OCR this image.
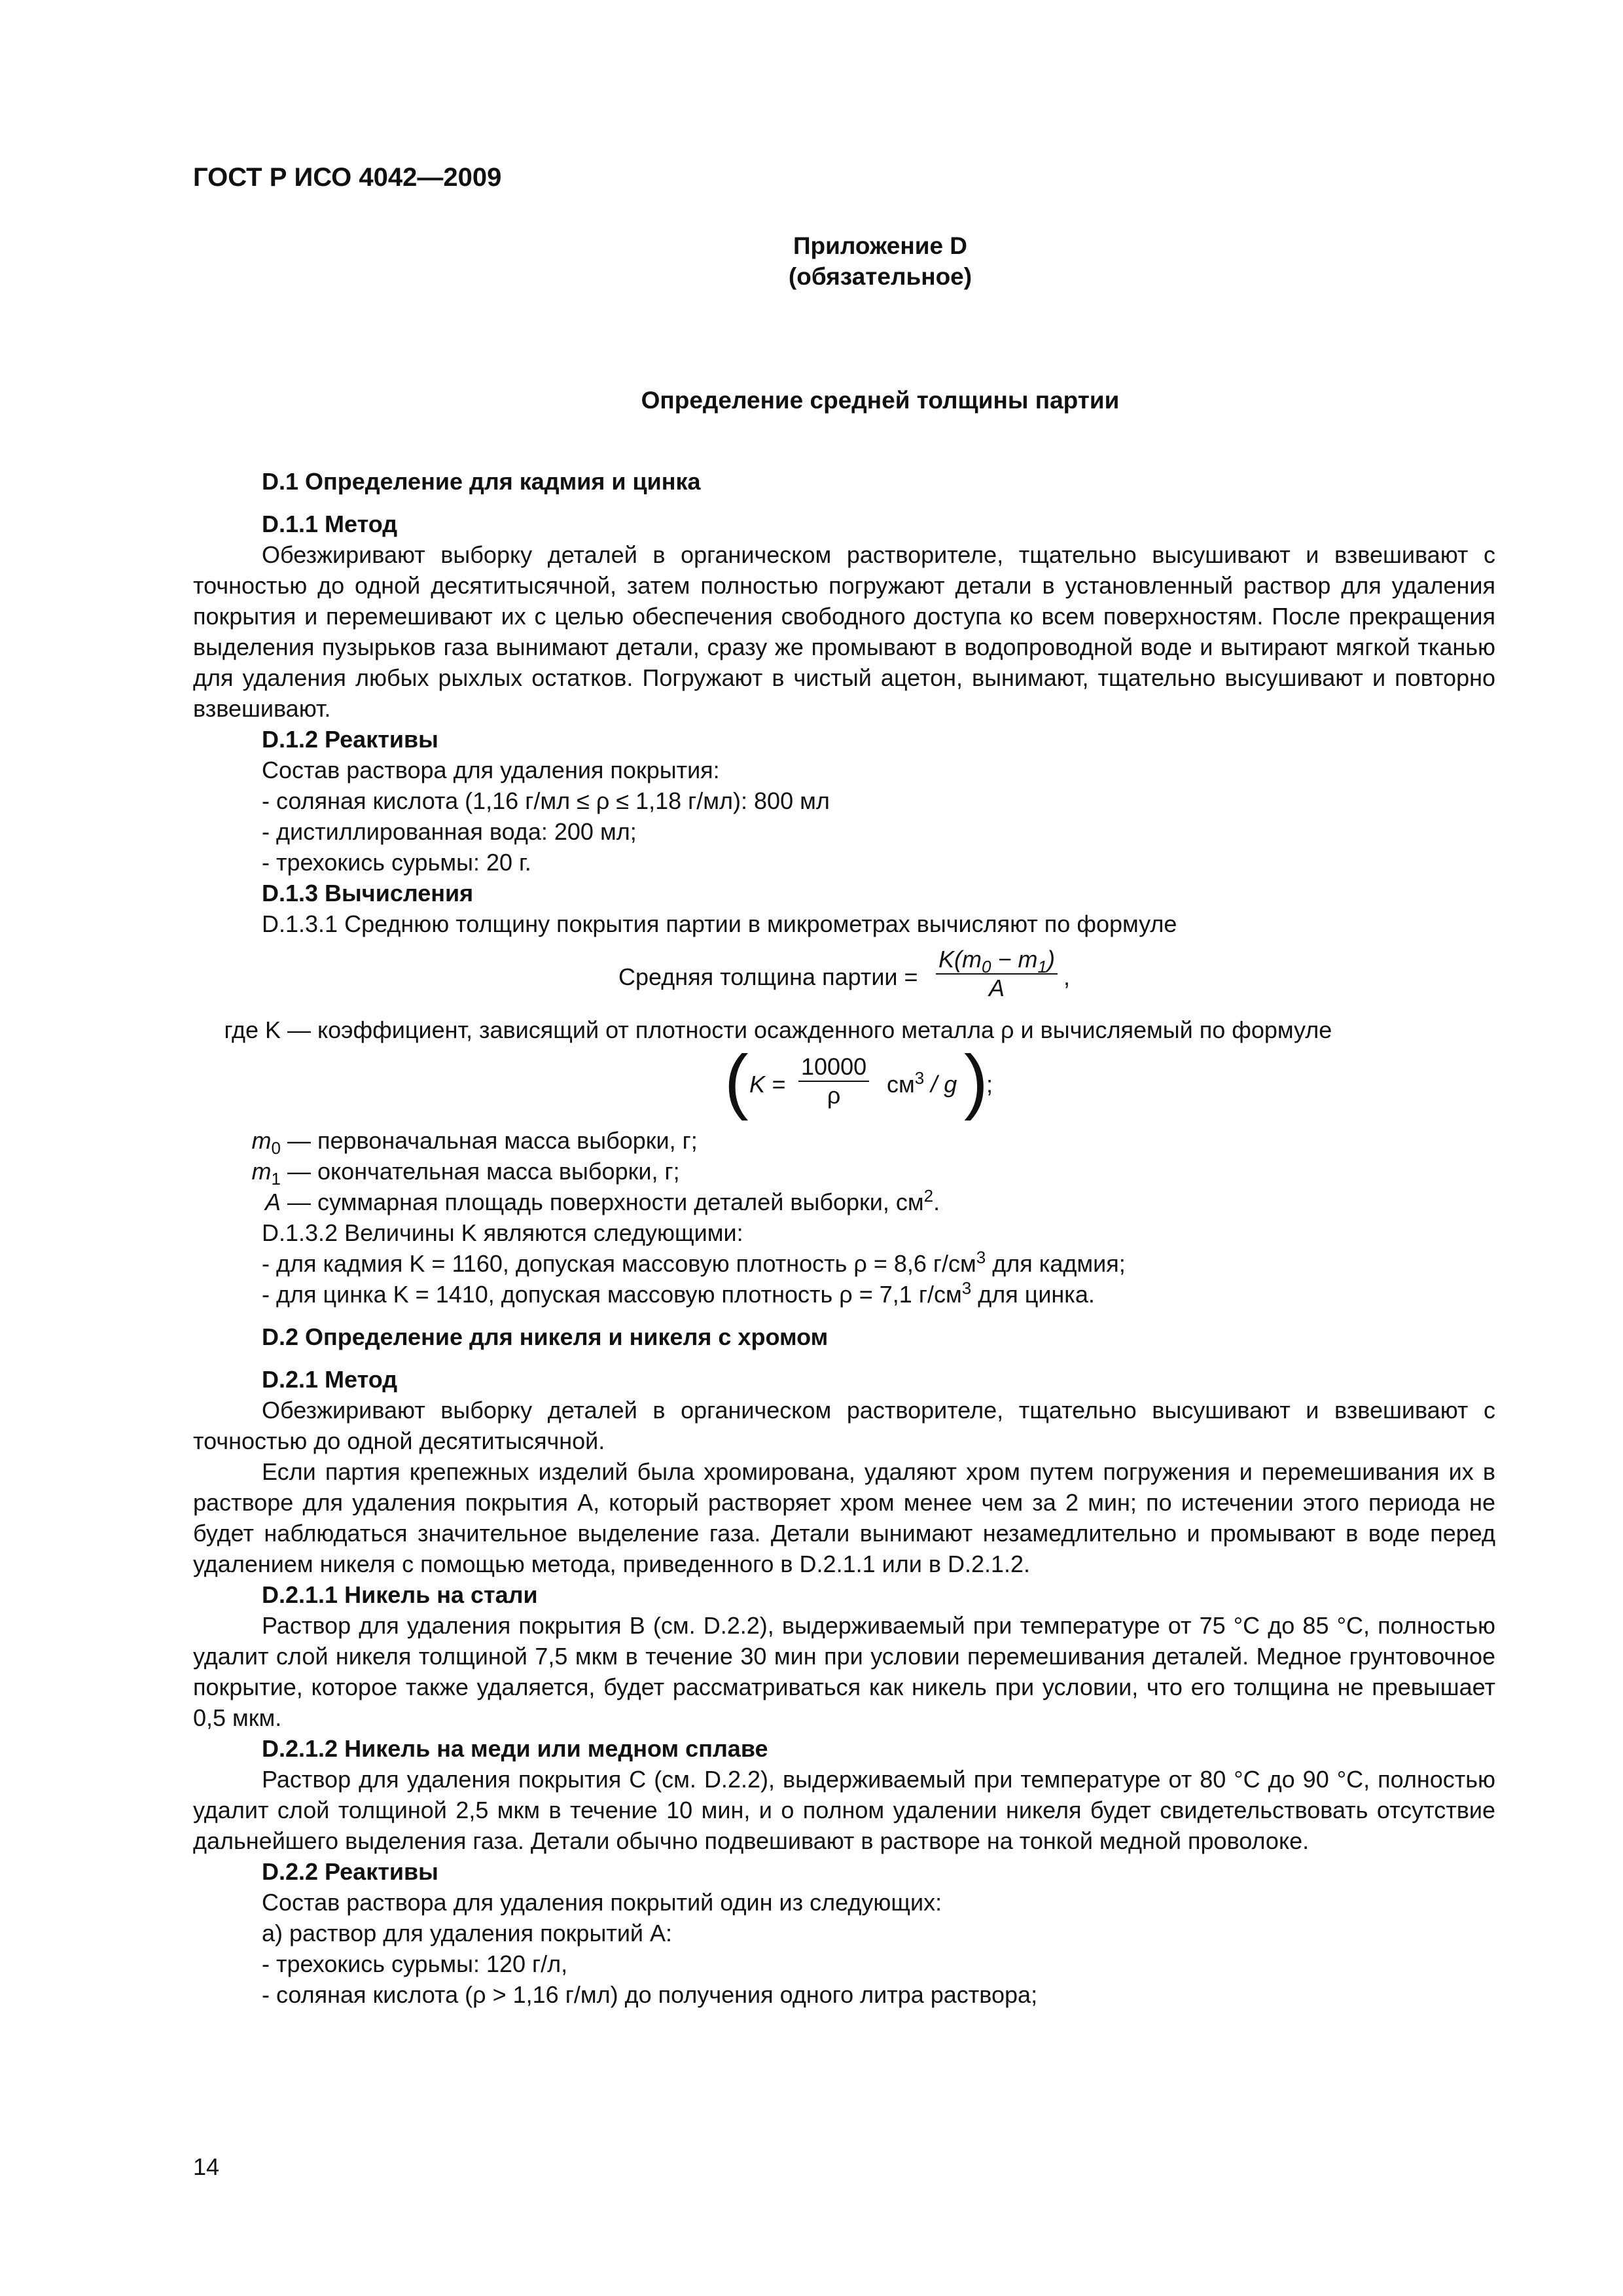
ГОСТ Р ИСО 4042—2009
Приложение D
(обязательное)
Определение средней толщины партии

D.1 Определение для кадмия и цинка

D.1.1 Метод

Обезжиривают выборку деталей в органическом растворителе, тщательно высушивают и взвешивают с точностью до одной десятитысячной, затем полностью погружают детали в установленный раствор для удаления покрытия и перемешивают их с целью обеспечения свободного доступа ко всем поверхностям. После прекращения выделения пузырьков газа вынимают детали, сразу же промывают в водопроводной воде и вытирают мягкой тканью для удаления любых рыхлых остатков. Погружают в чистый ацетон, вынимают, тщательно высушивают и повторно взвешивают.

D.1.2 Реактивы

Состав раствора для удаления покрытия:

- соляная кислота (1,16 г/мл ≤ ρ ≤ 1,18 г/мл): 800 мл

- дистиллированная вода: 200 мл;

- трехокись сурьмы: 20 г.

D.1.3 Вычисления

D.1.3.1 Среднюю толщину покрытия партии в микрометрах вычисляют по формуле

Средняя толщина партии = $\frac{K(m_0 - m_1)}{A}$ ,
где K — коэффициент, зависящий от плотности осажденного металла ρ и вычисляемый по формуле
( $K = \frac{10000}{\rho} см^3 / g$ )
;
$m_0$ — первоначальная масса выборки, г;
$m_1$ — окончательная масса выборки, г;
A — суммарная площадь поверхности деталей выборки, $см^2$.

D.1.3.2 Величины K являются следующими:

- для кадмия K = 1160, допуская массовую плотность ρ = 8,6 $г/см^3$ для кадмия;

- для цинка K = 1410, допуская массовую плотность ρ = 7,1 $г/см^3$ для цинка.

D.2 Определение для никеля и никеля с хромом

D.2.1 Метод

Обезжиривают выборку деталей в органическом растворителе, тщательно высушивают и взвешивают с точностью до одной десятитысячной.

Если партия крепежных изделий была хромирована, удаляют хром путем погружения и перемешивания их в растворе для удаления покрытия A, который растворяет хром менее чем за 2 мин; по истечении этого периода не будет наблюдаться значительное выделение газа. Детали вынимают незамедлительно и промывают в воде перед удалением никеля с помощью метода, приведенного в D.2.1.1 или в D.2.1.2.

D.2.1.1 Никель на стали

Раствор для удаления покрытия B (см. D.2.2), выдерживаемый при температуре от 75 °С до 85 °С, полностью удалит слой никеля толщиной 7,5 мкм в течение 30 мин при условии перемешивания деталей. Медное грунтовочное покрытие, которое также удаляется, будет рассматриваться как никель при условии, что его толщина не превышает 0,5 мкм.

D.2.1.2 Никель на меди или медном сплаве

Раствор для удаления покрытия C (см. D.2.2), выдерживаемый при температуре от 80 °С до 90 °С, полностью удалит слой толщиной 2,5 мкм в течение 10 мин, и о полном удалении никеля будет свидетельствовать отсутствие дальнейшего выделения газа. Детали обычно подвешивают в растворе на тонкой медной проволоке.

D.2.2 Реактивы

Состав раствора для удаления покрытий один из следующих:

a) раствор для удаления покрытий A:

- трехокись сурьмы: 120 г/л,

- соляная кислота (ρ > 1,16 г/мл) до получения одного литра раствора;

14
